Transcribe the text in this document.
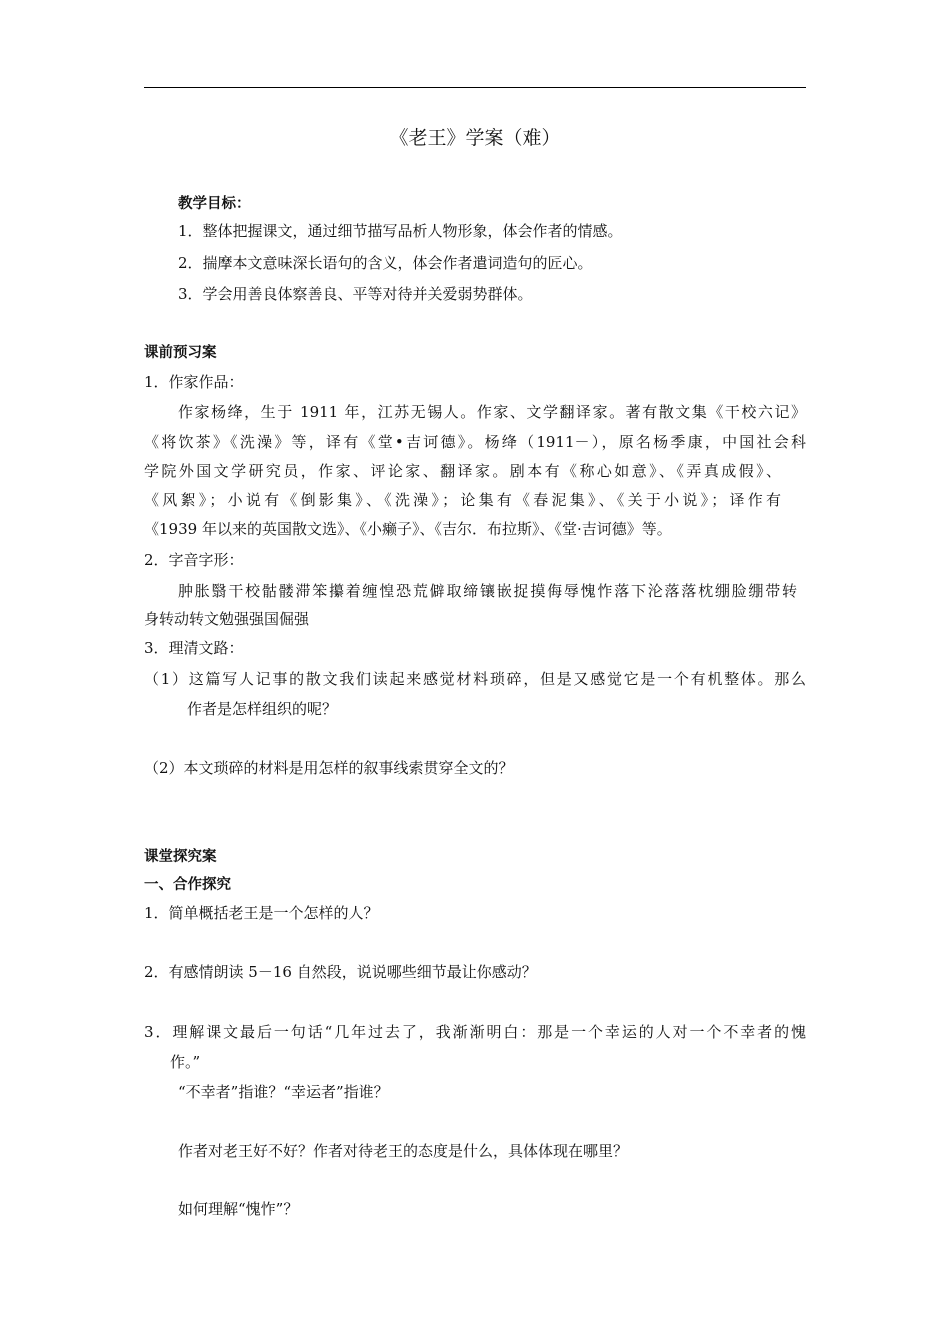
《老王》学案（难）
教学目标：
1．整体把握课文，通过细节描写品析人物形象，体会作者的情感。
2．揣摩本文意味深长语句的含义，体会作者遣词造句的匠心。
3．学会用善良体察善良、平等对待并关爱弱势群体。
课前预习案
1．作家作品：
作家杨绛，生于 1911 年，江苏无锡人。作家、文学翻译家。著有散文集《干校六记》
《将饮茶》《洗澡》等，译有《堂•吉诃德》。杨绛（1911－），原名杨季康，中国社会科
学院外国文学研究员，作家、评论家、翻译家。剧本有《称心如意》、《弄真成假》、
《风絮》；小说有《倒影集》、《洗澡》；论集有《春泥集》、《关于小说》；译作有
《1939 年以来的英国散文选》、《小癞子》、《吉尔．布拉斯》、《堂·吉诃德》等。
2．字音字形：
肿胀翳干校骷髅滞笨攥着缠惶恐荒僻取缔镶嵌捉摸侮辱愧怍落下沦落落枕绷脸绷带转
身转动转文勉强强国倔强
3．理清文路：
（1）这篇写人记事的散文我们读起来感觉材料琐碎，但是又感觉它是一个有机整体。那么
作者是怎样组织的呢？
（2）本文琐碎的材料是用怎样的叙事线索贯穿全文的？
课堂探究案
一、合作探究
1．简单概括老王是一个怎样的人？
2．有感情朗读 5－16 自然段，说说哪些细节最让你感动？
3．理解课文最后一句话“几年过去了，我渐渐明白：那是一个幸运的人对一个不幸者的愧
作。”
“不幸者”指谁？“幸运者”指谁？
作者对老王好不好？作者对待老王的态度是什么，具体体现在哪里？
如何理解“愧怍”？
